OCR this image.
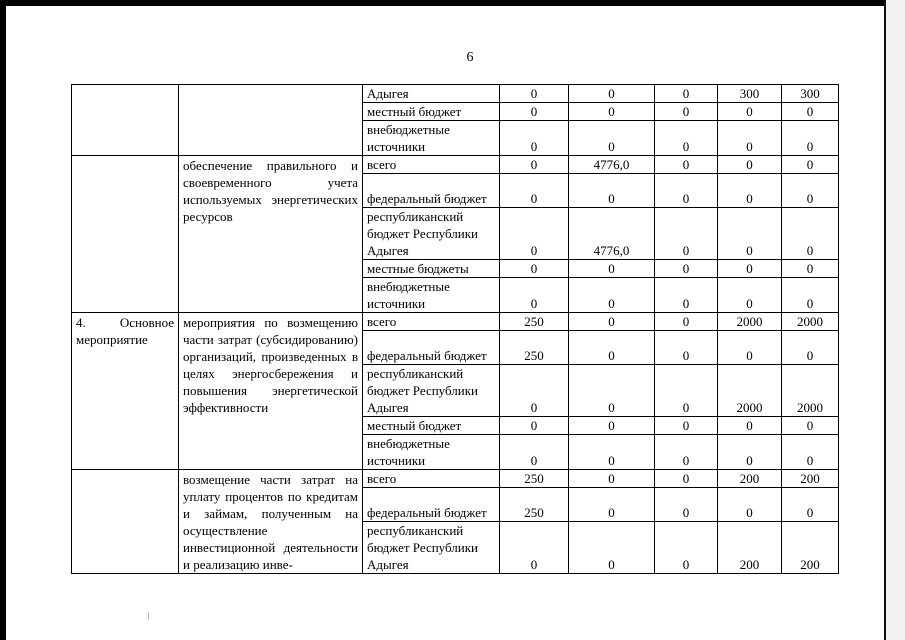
6
		Адыгея	0	0	0	300	300
		местный бюджет	0	0	0	0	0
		внебюджетные источники	0	0	0	0	0
	обеспечение правильного и своевременного учета используемых энергетических ресурсов	всего	0	4776,0	0	0	0
		федеральный бюджет	0	0	0	0	0
		республиканский бюджет Республики Адыгея	0	4776,0	0	0	0
		местные бюджеты	0	0	0	0	0
		внебюджетные источники	0	0	0	0	0
4. Основное мероприятие	мероприятия по возмещению части затрат (субсидированию) организаций, произведенных в целях энергосбережения и повышения энергетической эффективности	всего	250	0	0	2000	2000
		федеральный бюджет	250	0	0	0	0
		республиканский бюджет Республики Адыгея	0	0	0	2000	2000
		местный бюджет	0	0	0	0	0
		внебюджетные источники	0	0	0	0	0
	возмещение части затрат на уплату процентов по кредитам и займам, полученным на осуществление инвестиционной деятельности и реализацию инве-	всего	250	0	0	200	200
		федеральный бюджет	250	0	0	0	0
		республиканский бюджет Республики Адыгея	0	0	0	200	200
